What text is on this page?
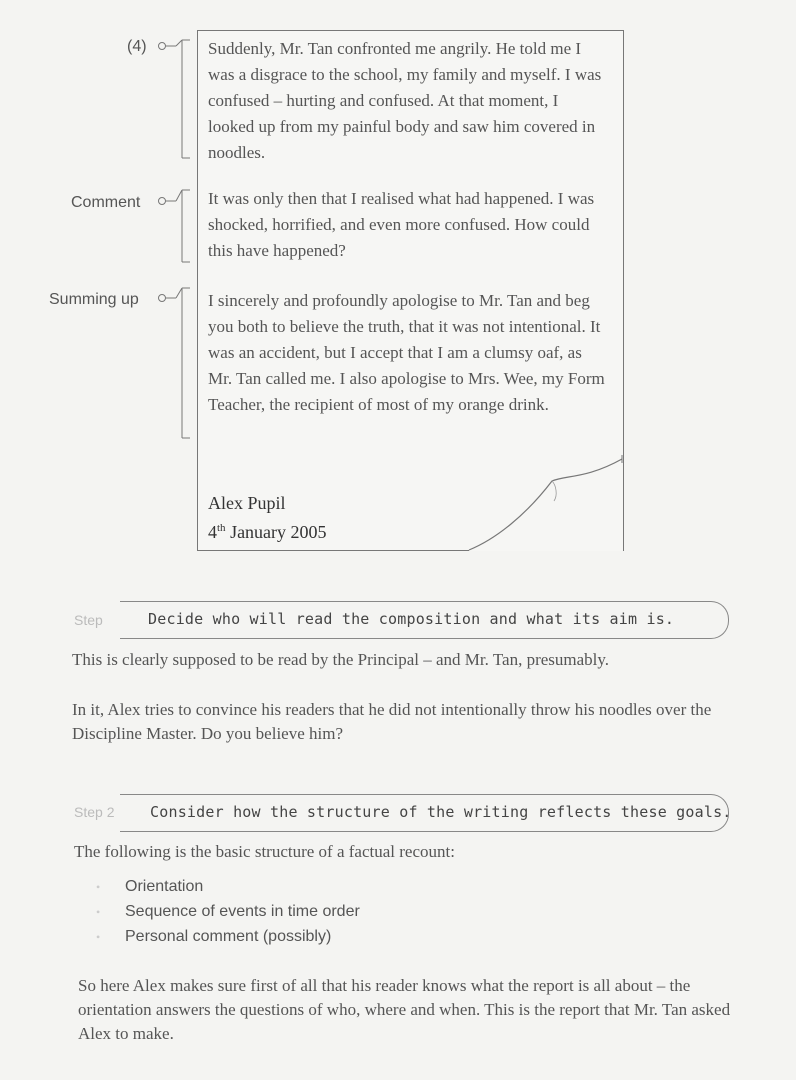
(4)
Comment
Summing up

Suddenly, Mr. Tan confronted me angrily. He told me I was a disgrace to the school, my family and myself. I was confused – hurting and confused. At that moment, I looked up from my painful body and saw him covered in noodles.

It was only then that I realised what had happened. I was shocked, horrified, and even more confused. How could this have happened?

I sincerely and profoundly apologise to Mr. Tan and beg you both to believe the truth, that it was not intentional. It was an accident, but I accept that I am a clumsy oaf, as Mr. Tan called me. I also apologise to Mrs. Wee, my Form Teacher, the recipient of most of my orange drink.

Alex Pupil
4th January 2005
Step	Decide who will read the composition and what its aim is.

This is clearly supposed to be read by the Principal – and Mr. Tan, presumably.

In it, Alex tries to convince his readers that he did not intentionally throw his noodles over the Discipline Master. Do you believe him?

Step 2 Consider how the structure of the writing reflects these goals.

The following is the basic structure of a factual recount:

• Orientation
• Sequence of events in time order
• Personal comment (possibly)

So here Alex makes sure first of all that his reader knows what the report is all about – the orientation answers the questions of who, where and when. This is the report that Mr. Tan asked Alex to make.
